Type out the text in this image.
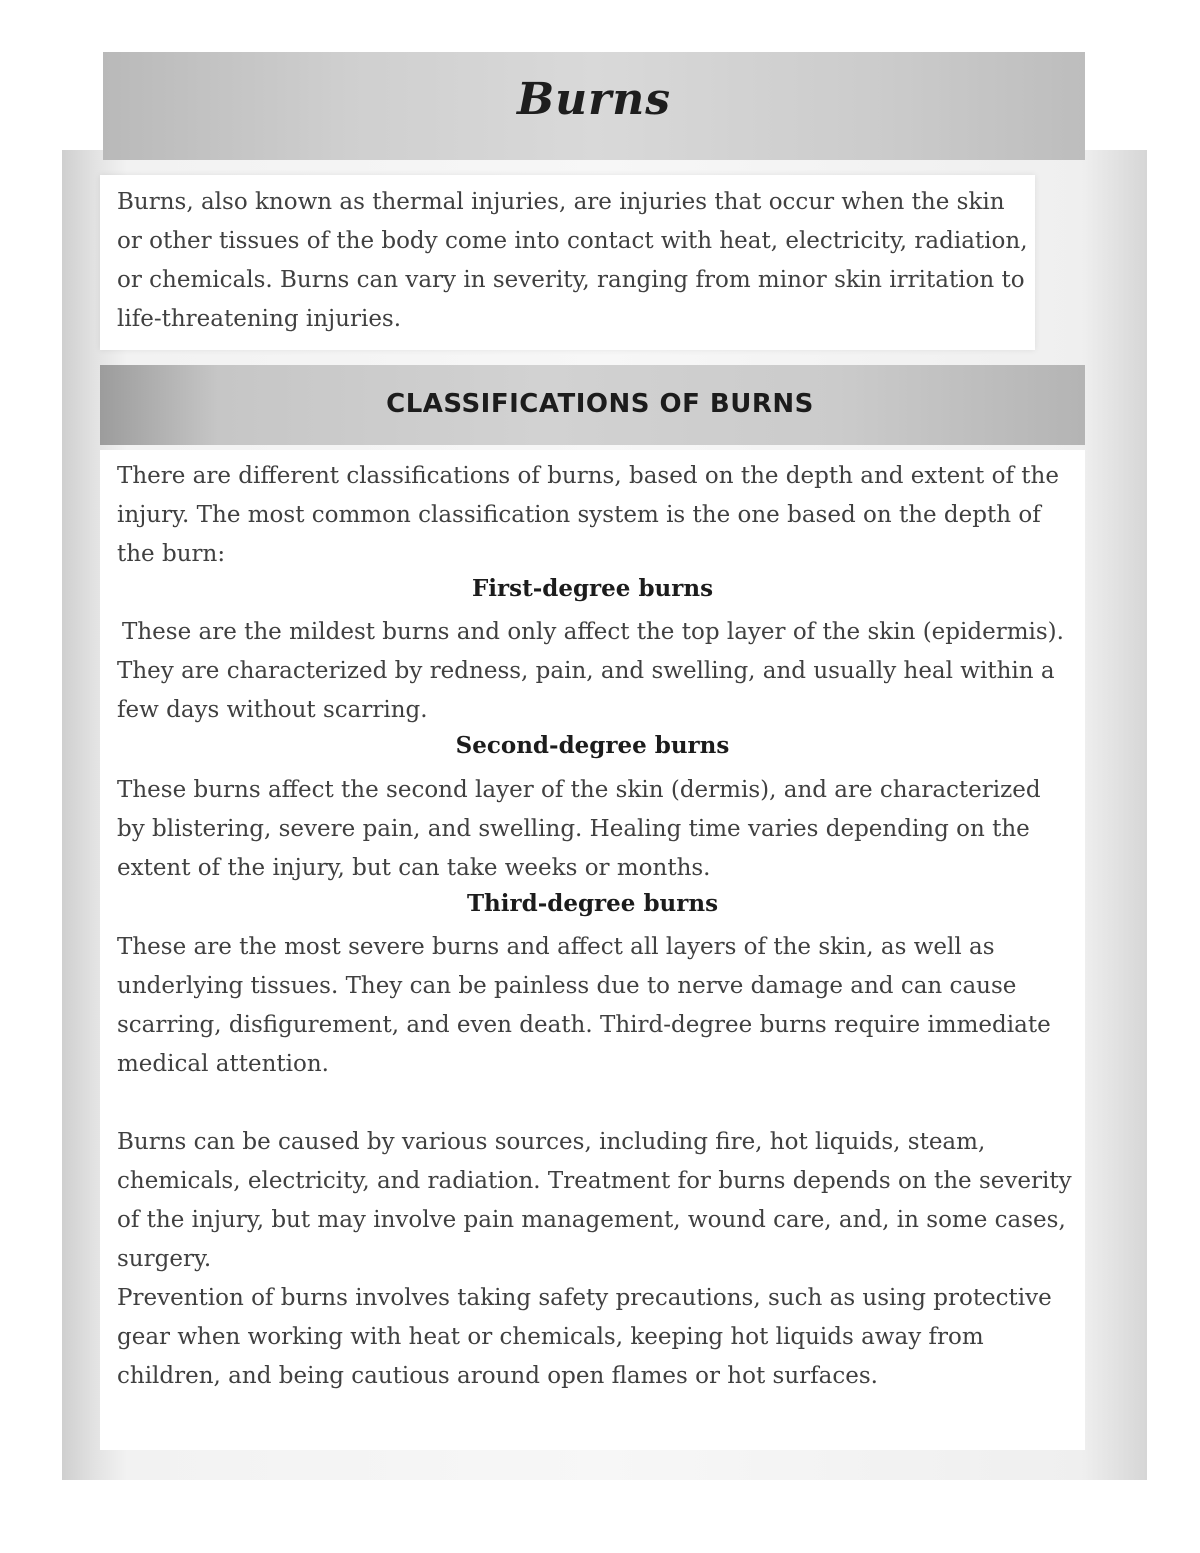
Burns
Burns, also known as thermal injuries, are injuries that occur when the skin or other tissues of the body come into contact with heat, electricity, radiation, or chemicals. Burns can vary in severity, ranging from minor skin irritation to life-threatening injuries.
CLASSIFICATIONS OF BURNS
There are different classifications of burns, based on the depth and extent of the injury. The most common classification system is the one based on the depth of the burn:
First-degree burns
These are the mildest burns and only affect the top layer of the skin (epidermis). They are characterized by redness, pain, and swelling, and usually heal within a few days without scarring.
Second-degree burns
These burns affect the second layer of the skin (dermis), and are characterized by blistering, severe pain, and swelling. Healing time varies depending on the extent of the injury, but can take weeks or months.
Third-degree burns
These are the most severe burns and affect all layers of the skin, as well as underlying tissues. They can be painless due to nerve damage and can cause scarring, disfigurement, and even death. Third-degree burns require immediate medical attention.
Burns can be caused by various sources, including fire, hot liquids, steam, chemicals, electricity, and radiation. Treatment for burns depends on the severity of the injury, but may involve pain management, wound care, and, in some cases, surgery.
Prevention of burns involves taking safety precautions, such as using protective gear when working with heat or chemicals, keeping hot liquids away from children, and being cautious around open flames or hot surfaces.
